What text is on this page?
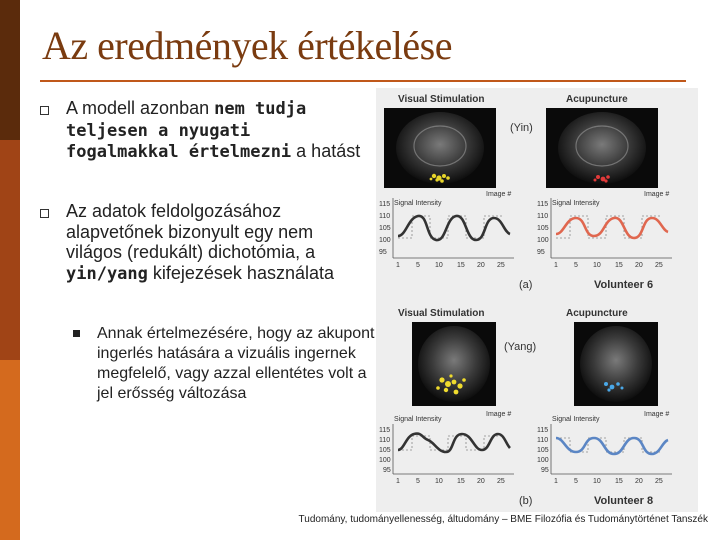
Az eredmények értékelése
A modell azonban nem tudja teljesen a nyugati fogalmakkal értelmezni a hatást
Az adatok feldolgozásához alapvetőnek bizonyult egy nem világos (redukált) dichotómia, a yin/yang kifejezések használata
Annak értelmezésére, hogy az akupont ingerlés hatására a vizuális ingernek megfelelő, vagy azzal ellentétes volt a jel erősség változása
Visual Stimulation	Acupuncture
(Yin)
Signal Intensity
115
110
105
100
95
1 5 10 15 20 25
Image #
Signal Intensity
115
110
105
100
95
1 5 10 15 20 25
Image #
(a)	Volunteer 6
Visual Stimulation	Acupuncture
(Yang)
Signal Intensity
115
110
105
100
95
1 5 10 15 20 25
Image #
Signal Intensity
115
110
105
100
95
1 5 10 15 20 25
Image #
(b)	Volunteer 8
Tudomány, tudományellenesség, áltudomány – BME Filozófia és Tudománytörténet Tanszék
